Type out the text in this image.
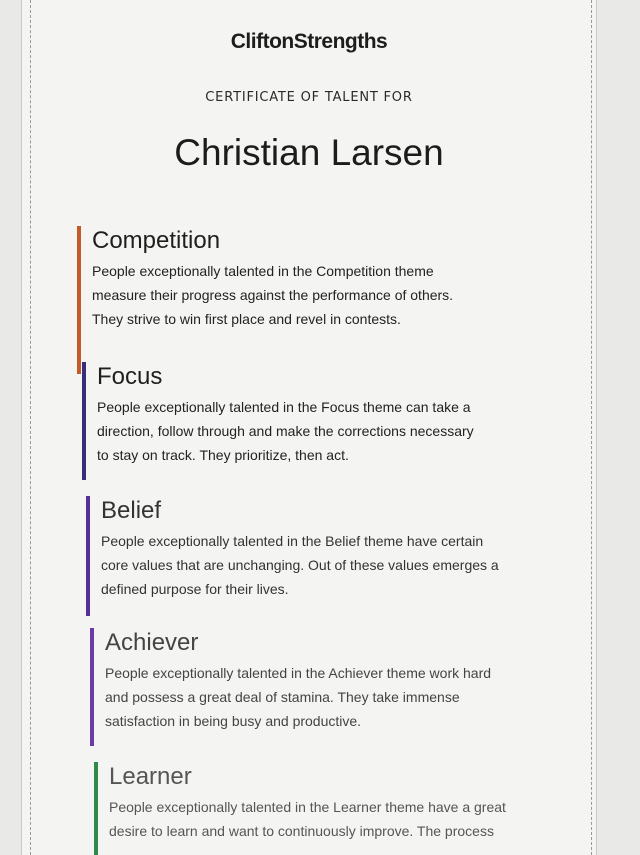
CliftonStrengths
CERTIFICATE OF TALENT FOR
Christian Larsen
Competition
People exceptionally talented in the Competition theme
measure their progress against the performance of others.
They strive to win first place and revel in contests.
Focus
People exceptionally talented in the Focus theme can take a
direction, follow through and make the corrections necessary
to stay on track. They prioritize, then act.
Belief
People exceptionally talented in the Belief theme have certain
core values that are unchanging. Out of these values emerges a
defined purpose for their lives.
Achiever
People exceptionally talented in the Achiever theme work hard
and possess a great deal of stamina. They take immense
satisfaction in being busy and productive.
Learner
People exceptionally talented in the Learner theme have a great
desire to learn and want to continuously improve. The process
